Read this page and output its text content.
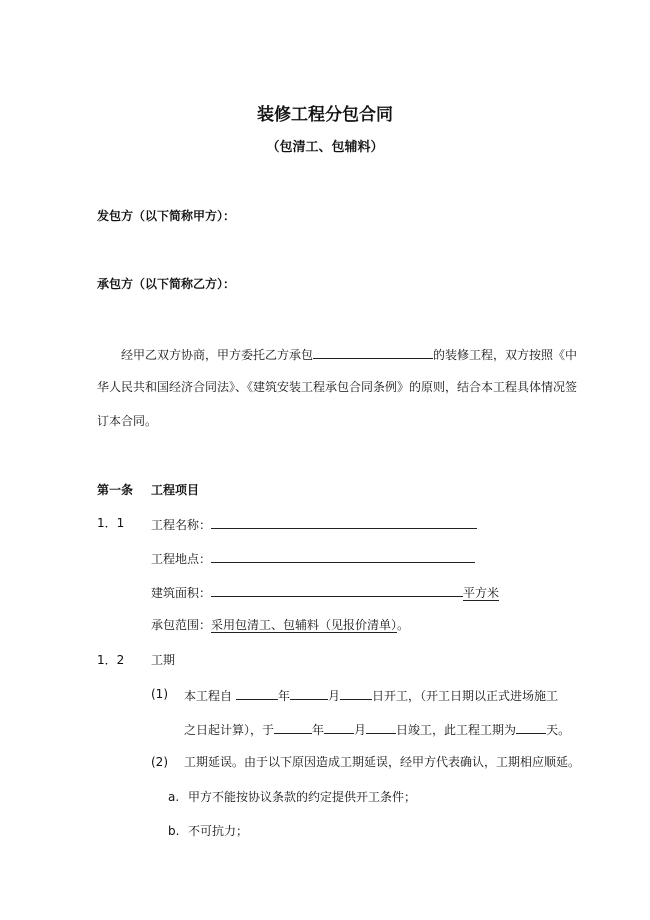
装修工程分包合同
（包清工、包辅料）
发包方（以下简称甲方）：
承包方（以下简称乙方）：
经甲乙双方协商，甲方委托乙方承包	的装修工程，双方按照《中
华人民共和国经济合同法》、《建筑安装工程承包合同条例》的原则，结合本工程具体情况签
订本合同。
第一条 工程项目
1．1 工程名称：
工程地点：
建筑面积：	平方米
承包范围：采用包清工、包辅料（见报价清单）。
1．2 工期
(1) 本工程自	年	月	日开工，（开工日期以正式进场施工
之日起计算），于	年	月	日竣工，此工程工期为	天。
(2) 工期延误。由于以下原因造成工期延误，经甲方代表确认，工期相应顺延。
a. 甲方不能按协议条款的约定提供开工条件；
b. 不可抗力；
